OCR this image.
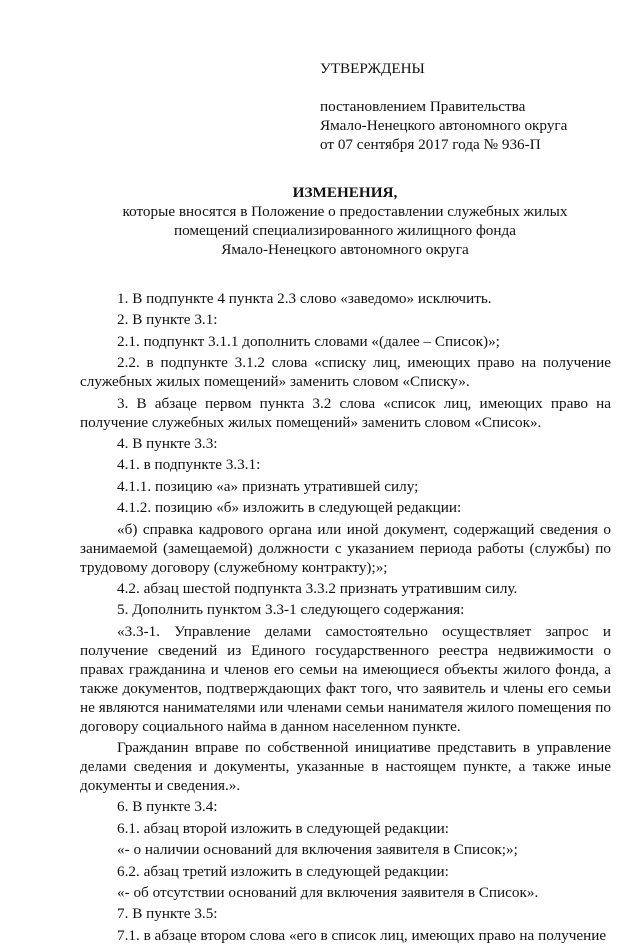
УТВЕРЖДЕНЫ
постановлением Правительства
Ямало-Ненецкого автономного округа
от 07 сентября 2017 года № 936-П
ИЗМЕНЕНИЯ,
которые вносятся в Положение о предоставлении служебных жилых
помещений специализированного жилищного фонда
Ямало-Ненецкого автономного округа
1. В подпункте 4 пункта 2.3 слово «заведомо» исключить.
2. В пункте 3.1:
2.1. подпункт 3.1.1 дополнить словами «(далее – Список)»;
2.2. в подпункте 3.1.2 слова «списку лиц, имеющих право на получение служебных жилых помещений» заменить словом «Списку».
3. В абзаце первом пункта 3.2 слова «список лиц, имеющих право на получение служебных жилых помещений» заменить словом «Список».
4. В пункте 3.3:
4.1. в подпункте 3.3.1:
4.1.1. позицию «а» признать утратившей силу;
4.1.2. позицию «б» изложить в следующей редакции:
«б) справка кадрового органа или иной документ, содержащий сведения о занимаемой (замещаемой) должности с указанием периода работы (службы) по трудовому договору (служебному контракту);»;
4.2. абзац шестой подпункта 3.3.2 признать утратившим силу.
5. Дополнить пунктом 3.3-1 следующего содержания:
«3.3-1. Управление делами самостоятельно осуществляет запрос и получение сведений из Единого государственного реестра недвижимости о правах гражданина и членов его семьи на имеющиеся объекты жилого фонда, а также документов, подтверждающих факт того, что заявитель и члены его семьи не являются нанимателями или членами семьи нанимателя жилого помещения по договору социального найма в данном населенном пункте.
Гражданин вправе по собственной инициативе представить в управление делами сведения и документы, указанные в настоящем пункте, а также иные документы и сведения.».
6. В пункте 3.4:
6.1. абзац второй изложить в следующей редакции:
«- о наличии оснований для включения заявителя в Список;»;
6.2. абзац третий изложить в следующей редакции:
«- об отсутствии оснований для включения заявителя в Список».
7. В пункте 3.5:
7.1. в абзаце втором слова «его в список лиц, имеющих право на получение
